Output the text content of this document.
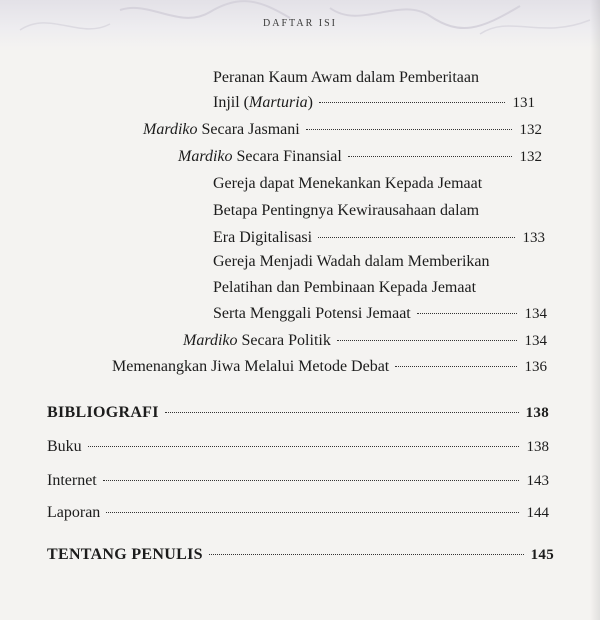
DAFTAR ISI
Peranan Kaum Awam dalam Pemberitaan
Injil (Marturia)	131
Mardiko Secara Jasmani	132
Mardiko Secara Finansial	132
Gereja dapat Menekankan Kepada Jemaat
Betapa Pentingnya Kewirausahaan dalam
Era Digitalisasi	133
Gereja Menjadi Wadah dalam Memberikan
Pelatihan dan Pembinaan Kepada Jemaat
Serta Menggali Potensi Jemaat	134
Mardiko Secara Politik	134
Memenangkan Jiwa Melalui Metode Debat	136
BIBLIOGRAFI	138
Buku	138
Internet	143
Laporan	144
TENTANG PENULIS	145
